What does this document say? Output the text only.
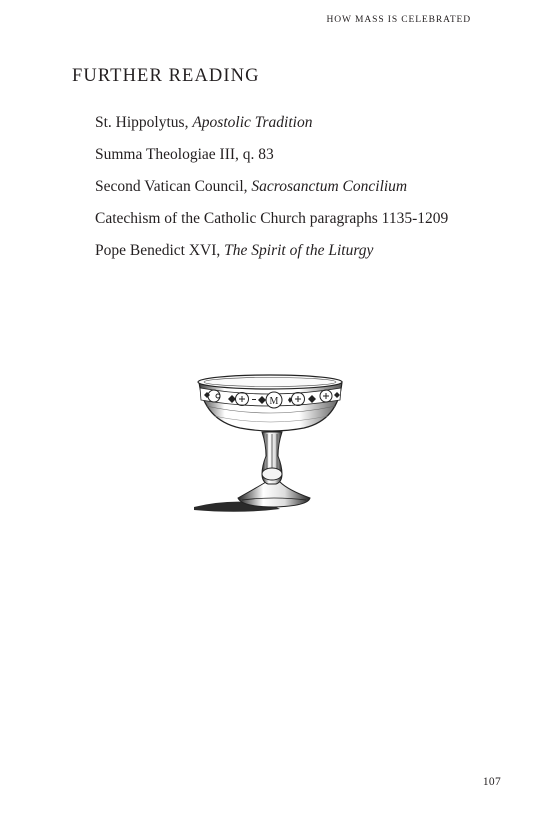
HOW MASS IS CELEBRATED
FURTHER READING
St. Hippolytus, Apostolic Tradition
Summa Theologiae III, q. 83
Second Vatican Council, Sacrosanctum Concilium
Catechism of the Catholic Church paragraphs 1135-1209
Pope Benedict XVI, The Spirit of the Liturgy
M
107
